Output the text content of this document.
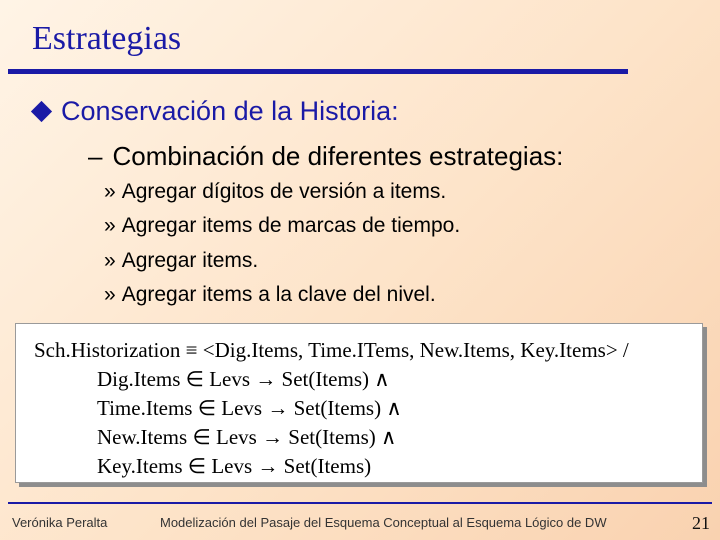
Estrategias
Conservación de la Historia:
– Combinación de diferentes estrategias:
» Agregar dígitos de versión a items.
» Agregar items de marcas de tiempo.
» Agregar items.
» Agregar items a la clave del nivel.
Sch.Historization ≡ <Dig.Items, Time.ITems, New.Items, Key.Items> /
Dig.Items ∈ Levs → Set(Items) ∧
Time.Items ∈ Levs → Set(Items) ∧
New.Items ∈ Levs → Set(Items) ∧
Key.Items ∈ Levs → Set(Items)
Verónika Peralta	Modelización del Pasaje del Esquema Conceptual al Esquema Lógico de DW	21
